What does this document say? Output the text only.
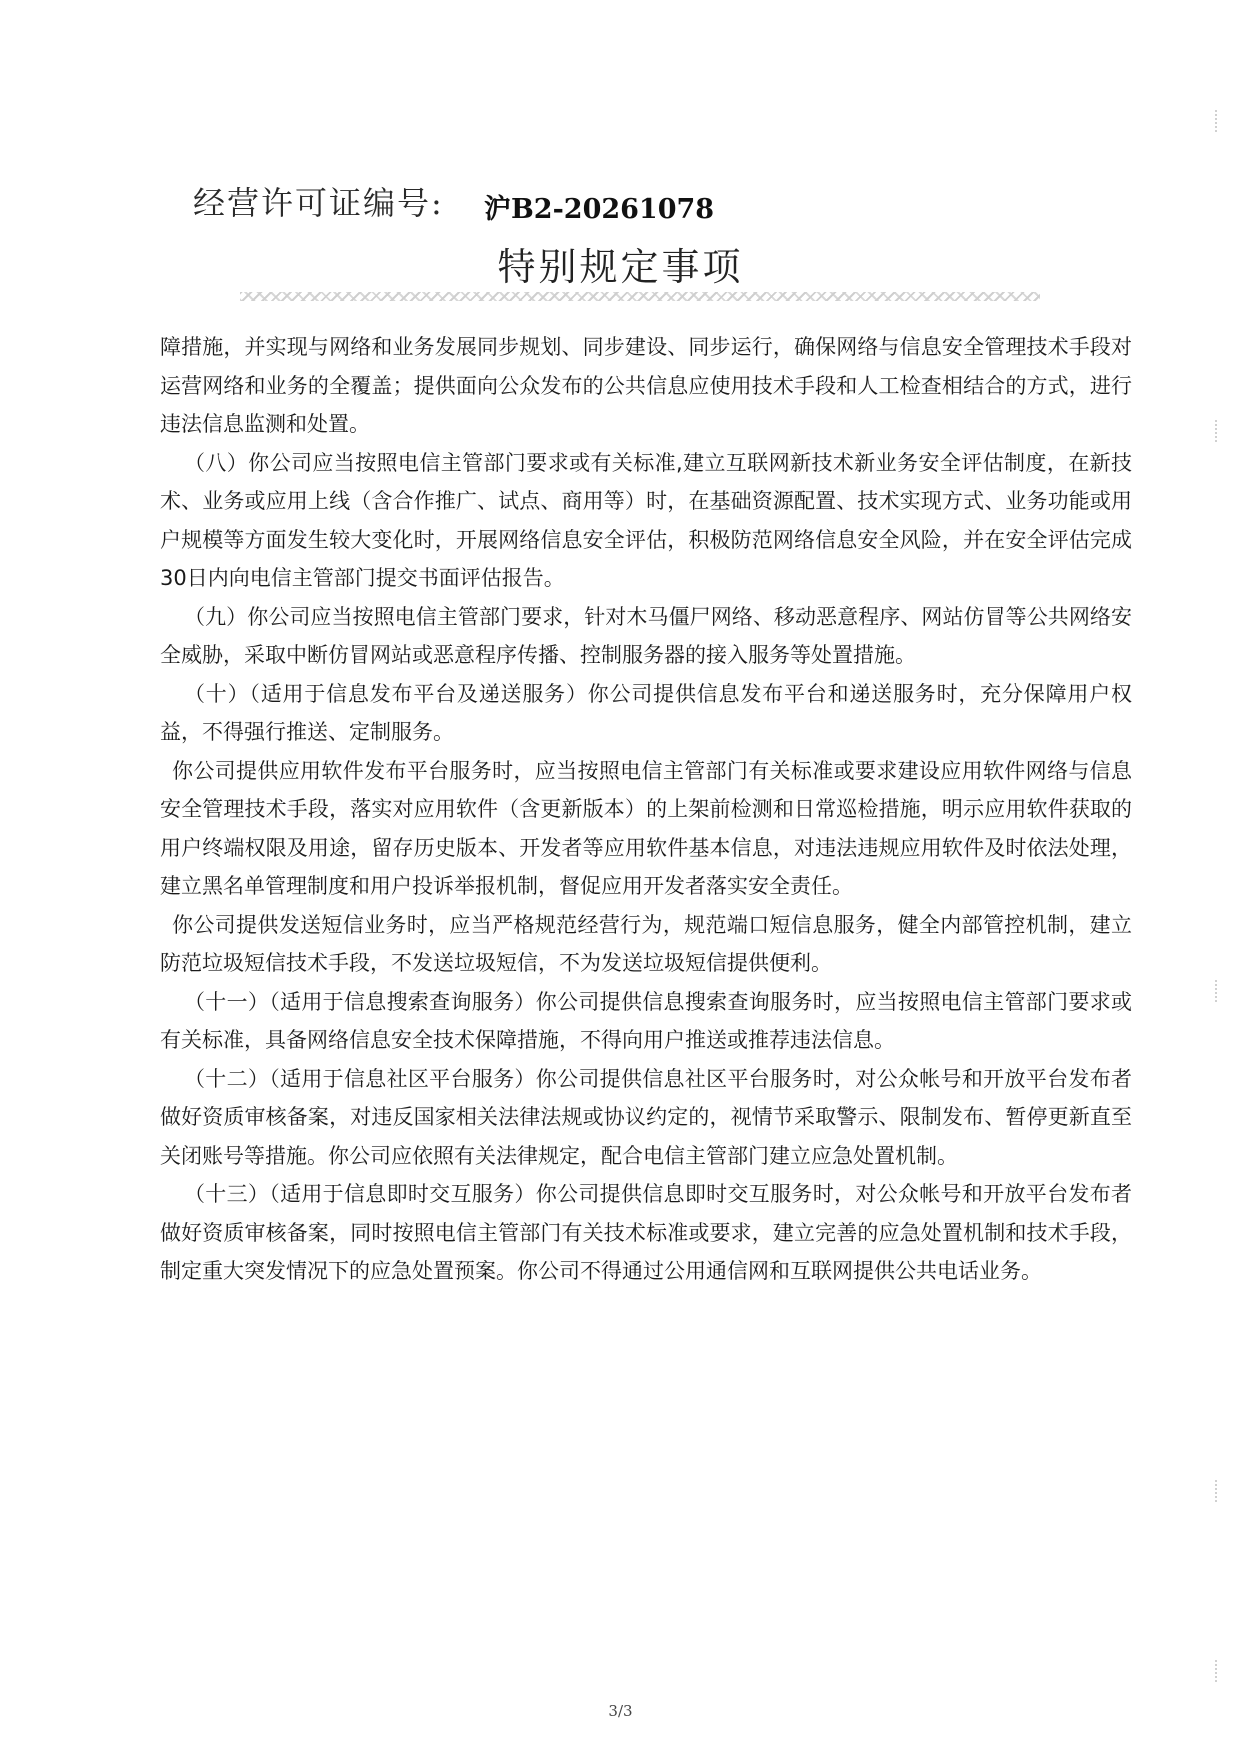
经营许可证编号: 沪B2-20261078
特别规定事项

障措施，并实现与网络和业务发展同步规划、同步建设、同步运行，确保网络与信息安全管理技术手段对运营网络和业务的全覆盖；提供面向公众发布的公共信息应使用技术手段和人工检查相结合的方式，进行违法信息监测和处置。

（八）你公司应当按照电信主管部门要求或有关标准,建立互联网新技术新业务安全评估制度，在新技术、业务或应用上线（含合作推广、试点、商用等）时，在基础资源配置、技术实现方式、业务功能或用户规模等方面发生较大变化时，开展网络信息安全评估，积极防范网络信息安全风险，并在安全评估完成30日内向电信主管部门提交书面评估报告。

（九）你公司应当按照电信主管部门要求，针对木马僵尸网络、移动恶意程序、网站仿冒等公共网络安全威胁，采取中断仿冒网站或恶意程序传播、控制服务器的接入服务等处置措施。

（十）（适用于信息发布平台及递送服务）你公司提供信息发布平台和递送服务时，充分保障用户权益，不得强行推送、定制服务。

你公司提供应用软件发布平台服务时，应当按照电信主管部门有关标准或要求建设应用软件网络与信息安全管理技术手段，落实对应用软件（含更新版本）的上架前检测和日常巡检措施，明示应用软件获取的用户终端权限及用途，留存历史版本、开发者等应用软件基本信息，对违法违规应用软件及时依法处理，建立黑名单管理制度和用户投诉举报机制，督促应用开发者落实安全责任。

你公司提供发送短信业务时，应当严格规范经营行为，规范端口短信息服务，健全内部管控机制，建立防范垃圾短信技术手段，不发送垃圾短信，不为发送垃圾短信提供便利。

（十一）（适用于信息搜索查询服务）你公司提供信息搜索查询服务时，应当按照电信主管部门要求或有关标准，具备网络信息安全技术保障措施，不得向用户推送或推荐违法信息。

（十二）（适用于信息社区平台服务）你公司提供信息社区平台服务时，对公众帐号和开放平台发布者做好资质审核备案，对违反国家相关法律法规或协议约定的，视情节采取警示、限制发布、暂停更新直至关闭账号等措施。你公司应依照有关法律规定，配合电信主管部门建立应急处置机制。

（十三）（适用于信息即时交互服务）你公司提供信息即时交互服务时，对公众帐号和开放平台发布者做好资质审核备案，同时按照电信主管部门有关技术标准或要求，建立完善的应急处置机制和技术手段，制定重大突发情况下的应急处置预案。你公司不得通过公用通信网和互联网提供公共电话业务。

3/3
